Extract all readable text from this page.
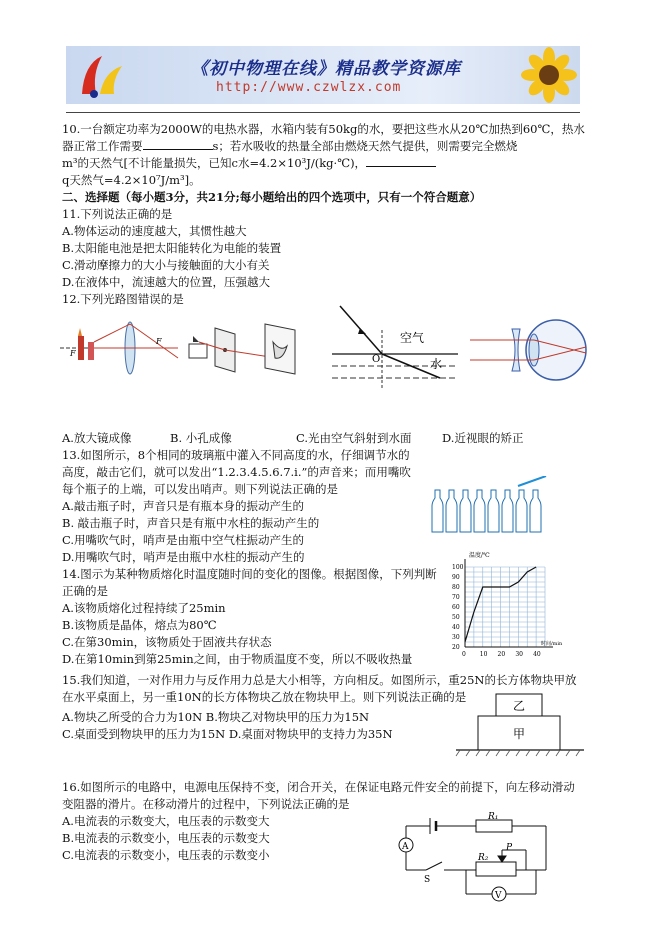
《初中物理在线》精品教学资源库
http://www.czwlzx.com
10.一台额定功率为2000W的电热水器，水箱内装有50kg的水，要把这些水从20℃加热到60℃，热水
器正常工作需要	s；若水吸收的热量全部由燃烧天然气提供，则需要完全燃烧
m³的天然气[不计能量损失，已知c水=4.2×10³J/(kg·℃)，
q天然气=4.2×10⁷J/m³]。
二、选择题（每小题3分，共21分;每小题给出的四个选项中，只有一个符合题意）
11.下列说法正确的是
A.物体运动的速度越大，其惯性越大
B.太阳能电池是把太阳能转化为电能的装置
C.滑动摩擦力的大小与接触面的大小有关
D.在液体中，流速越大的位置，压强越大
12.下列光路图错误的是
F
F	空气
水
O
A.放大镜成像	B. 小孔成像	C.光由空气斜射到水面	D.近视眼的矫正
13.如图所示，8个相同的玻璃瓶中灌入不同高度的水，仔细调节水的
高度，敲击它们，就可以发出“1.2.3.4.5.6.7.i.”的声音来；而用嘴吹
每个瓶子的上端，可以发出哨声。则下列说法正确的是
A.敲击瓶子时，声音只是有瓶本身的振动产生的
B. 敲击瓶子时，声音只是有瓶中水柱的振动产生的
C.用嘴吹气时，哨声是由瓶中空气柱振动产生的
D.用嘴吹气时，哨声是由瓶中水柱的振动产生的
14.图示为某种物质熔化时温度随时间的变化的图像。根据图像，下列判断
正确的是
A.该物质熔化过程持续了25min
B.该物质是晶体，熔点为80℃
C.在第30min，该物质处于固液共存状态
D.在第10min到第25min之间，由于物质温度不变，所以不吸收热量	0 10 20 30 40
20
30
40
50
60
70
80
90
100
温度/℃
时间/min
15.我们知道，一对作用力与反作用力总是大小相等，方向相反。如图所示，重25N的长方体物块甲放
在水平桌面上，另一重10N的长方体物块乙放在物块甲上。则下列说法正确的是
A.物块乙所受的合力为10N B.物块乙对物块甲的压力为15N
C.桌面受到物块甲的压力为15N D.桌面对物块甲的支持力为35N
乙
甲
16.如图所示的电路中，电源电压保持不变，闭合开关，在保证电路元件安全的前提下，向左移动滑动
变阻器的滑片。在移动滑片的过程中，下列说法正确的是
A.电流表的示数变大，电压表的示数变大
B.电流表的示数变小，电压表的示数变大
C.电流表的示数变小，电压表的示数变小
A
V
R₁
R₂
P
S
